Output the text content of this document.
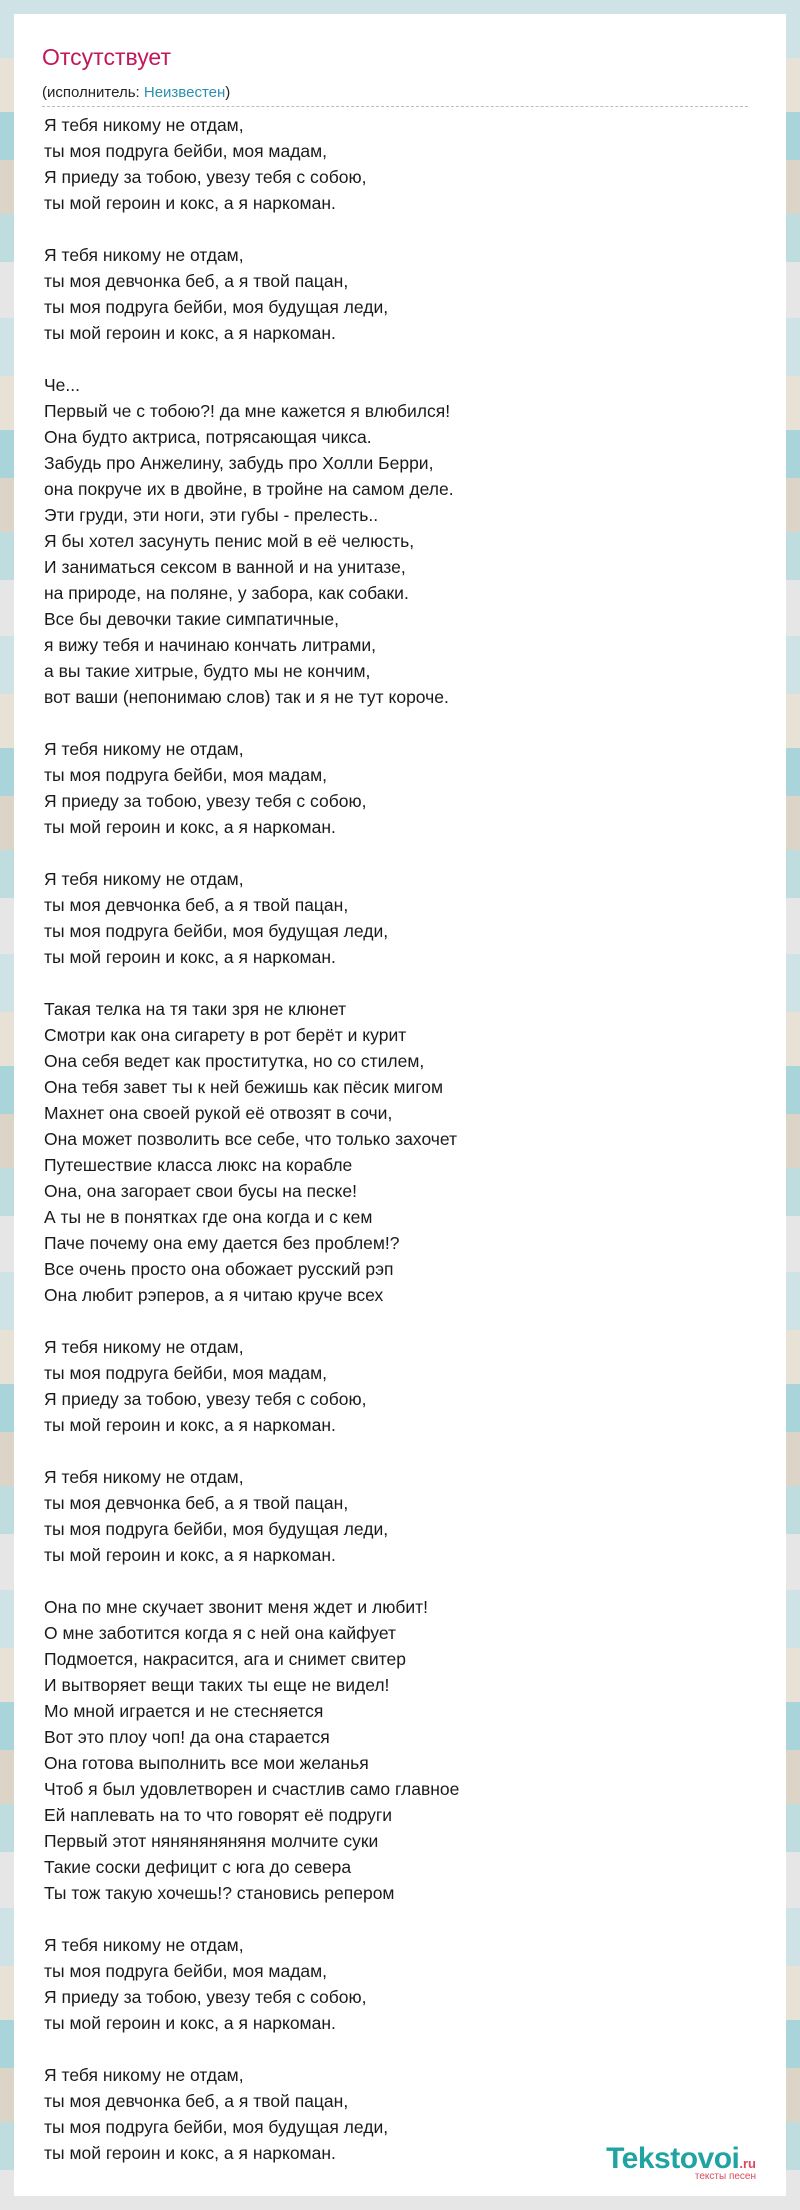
Отсутствует
(исполнитель: Неизвестен)
Я тебя никому не отдам,
ты моя подруга бейби, моя мадам,
Я приеду за тобою, увезу тебя с собою,
ты мой героин и кокс, а я наркоман.
Я тебя никому не отдам,
ты моя девчонка беб, а я твой пацан,
ты моя подруга бейби, моя будущая леди,
ты мой героин и кокс, а я наркоман.
Че...
Первый че с тобою?! да мне кажется я влюбился!
Она будто актриса, потрясающая чикса.
Забудь про Анжелину, забудь про Холли Берри,
она покруче их в двойне, в тройне на самом деле.
Эти груди, эти ноги, эти губы - прелесть..
Я бы хотел засунуть пенис мой в её челюсть,
И заниматься сексом в ванной и на унитазе,
на природе, на поляне, у забора, как собаки.
Все бы девочки такие симпатичные,
я вижу тебя и начинаю кончать литрами,
а вы такие хитрые, будто мы не кончим,
вот ваши (непонимаю слов) так и я не тут короче.
Я тебя никому не отдам,
ты моя подруга бейби, моя мадам,
Я приеду за тобою, увезу тебя с собою,
ты мой героин и кокс, а я наркоман.
Я тебя никому не отдам,
ты моя девчонка беб, а я твой пацан,
ты моя подруга бейби, моя будущая леди,
ты мой героин и кокс, а я наркоман.
Такая телка на тя таки зря не клюнет
Смотри как она сигарету в рот берёт и курит
Она себя ведет как проститутка, но со стилем,
Она тебя завет ты к ней бежишь как пёсик мигом
Махнет она своей рукой её отвозят в сочи,
Она может позволить все себе, что только захочет
Путешествие класса люкс на корабле
Она, она загорает свои бусы на песке!
А ты не в понятках где она когда и с кем
Паче почему она ему дается без проблем!?
Все очень просто она обожает русский рэп
Она любит рэперов, а я читаю круче всех
Я тебя никому не отдам,
ты моя подруга бейби, моя мадам,
Я приеду за тобою, увезу тебя с собою,
ты мой героин и кокс, а я наркоман.
Я тебя никому не отдам,
ты моя девчонка беб, а я твой пацан,
ты моя подруга бейби, моя будущая леди,
ты мой героин и кокс, а я наркоман.
Она по мне скучает звонит меня ждет и любит!
О мне заботится когда я с ней она кайфует
Подмоется, накрасится, ага и снимет свитер
И вытворяет вещи таких ты еще не видел!
Мо мной играется и не стесняется
Вот это плоу чоп! да она старается
Она готова выполнить все мои желанья
Чтоб я был удовлетворен и счастлив само главное
Ей наплевать на то что говорят её подруги
Первый этот няняняняняня молчите суки
Такие соски дефицит с юга до севера
Ты тож такую хочешь!? становись репером
Я тебя никому не отдам,
ты моя подруга бейби, моя мадам,
Я приеду за тобою, увезу тебя с собою,
ты мой героин и кокс, а я наркоман.
Я тебя никому не отдам,
ты моя девчонка беб, а я твой пацан,
ты моя подруга бейби, моя будущая леди,
ты мой героин и кокс, а я наркоман.	Tekstovoi.ru
тексты песен
